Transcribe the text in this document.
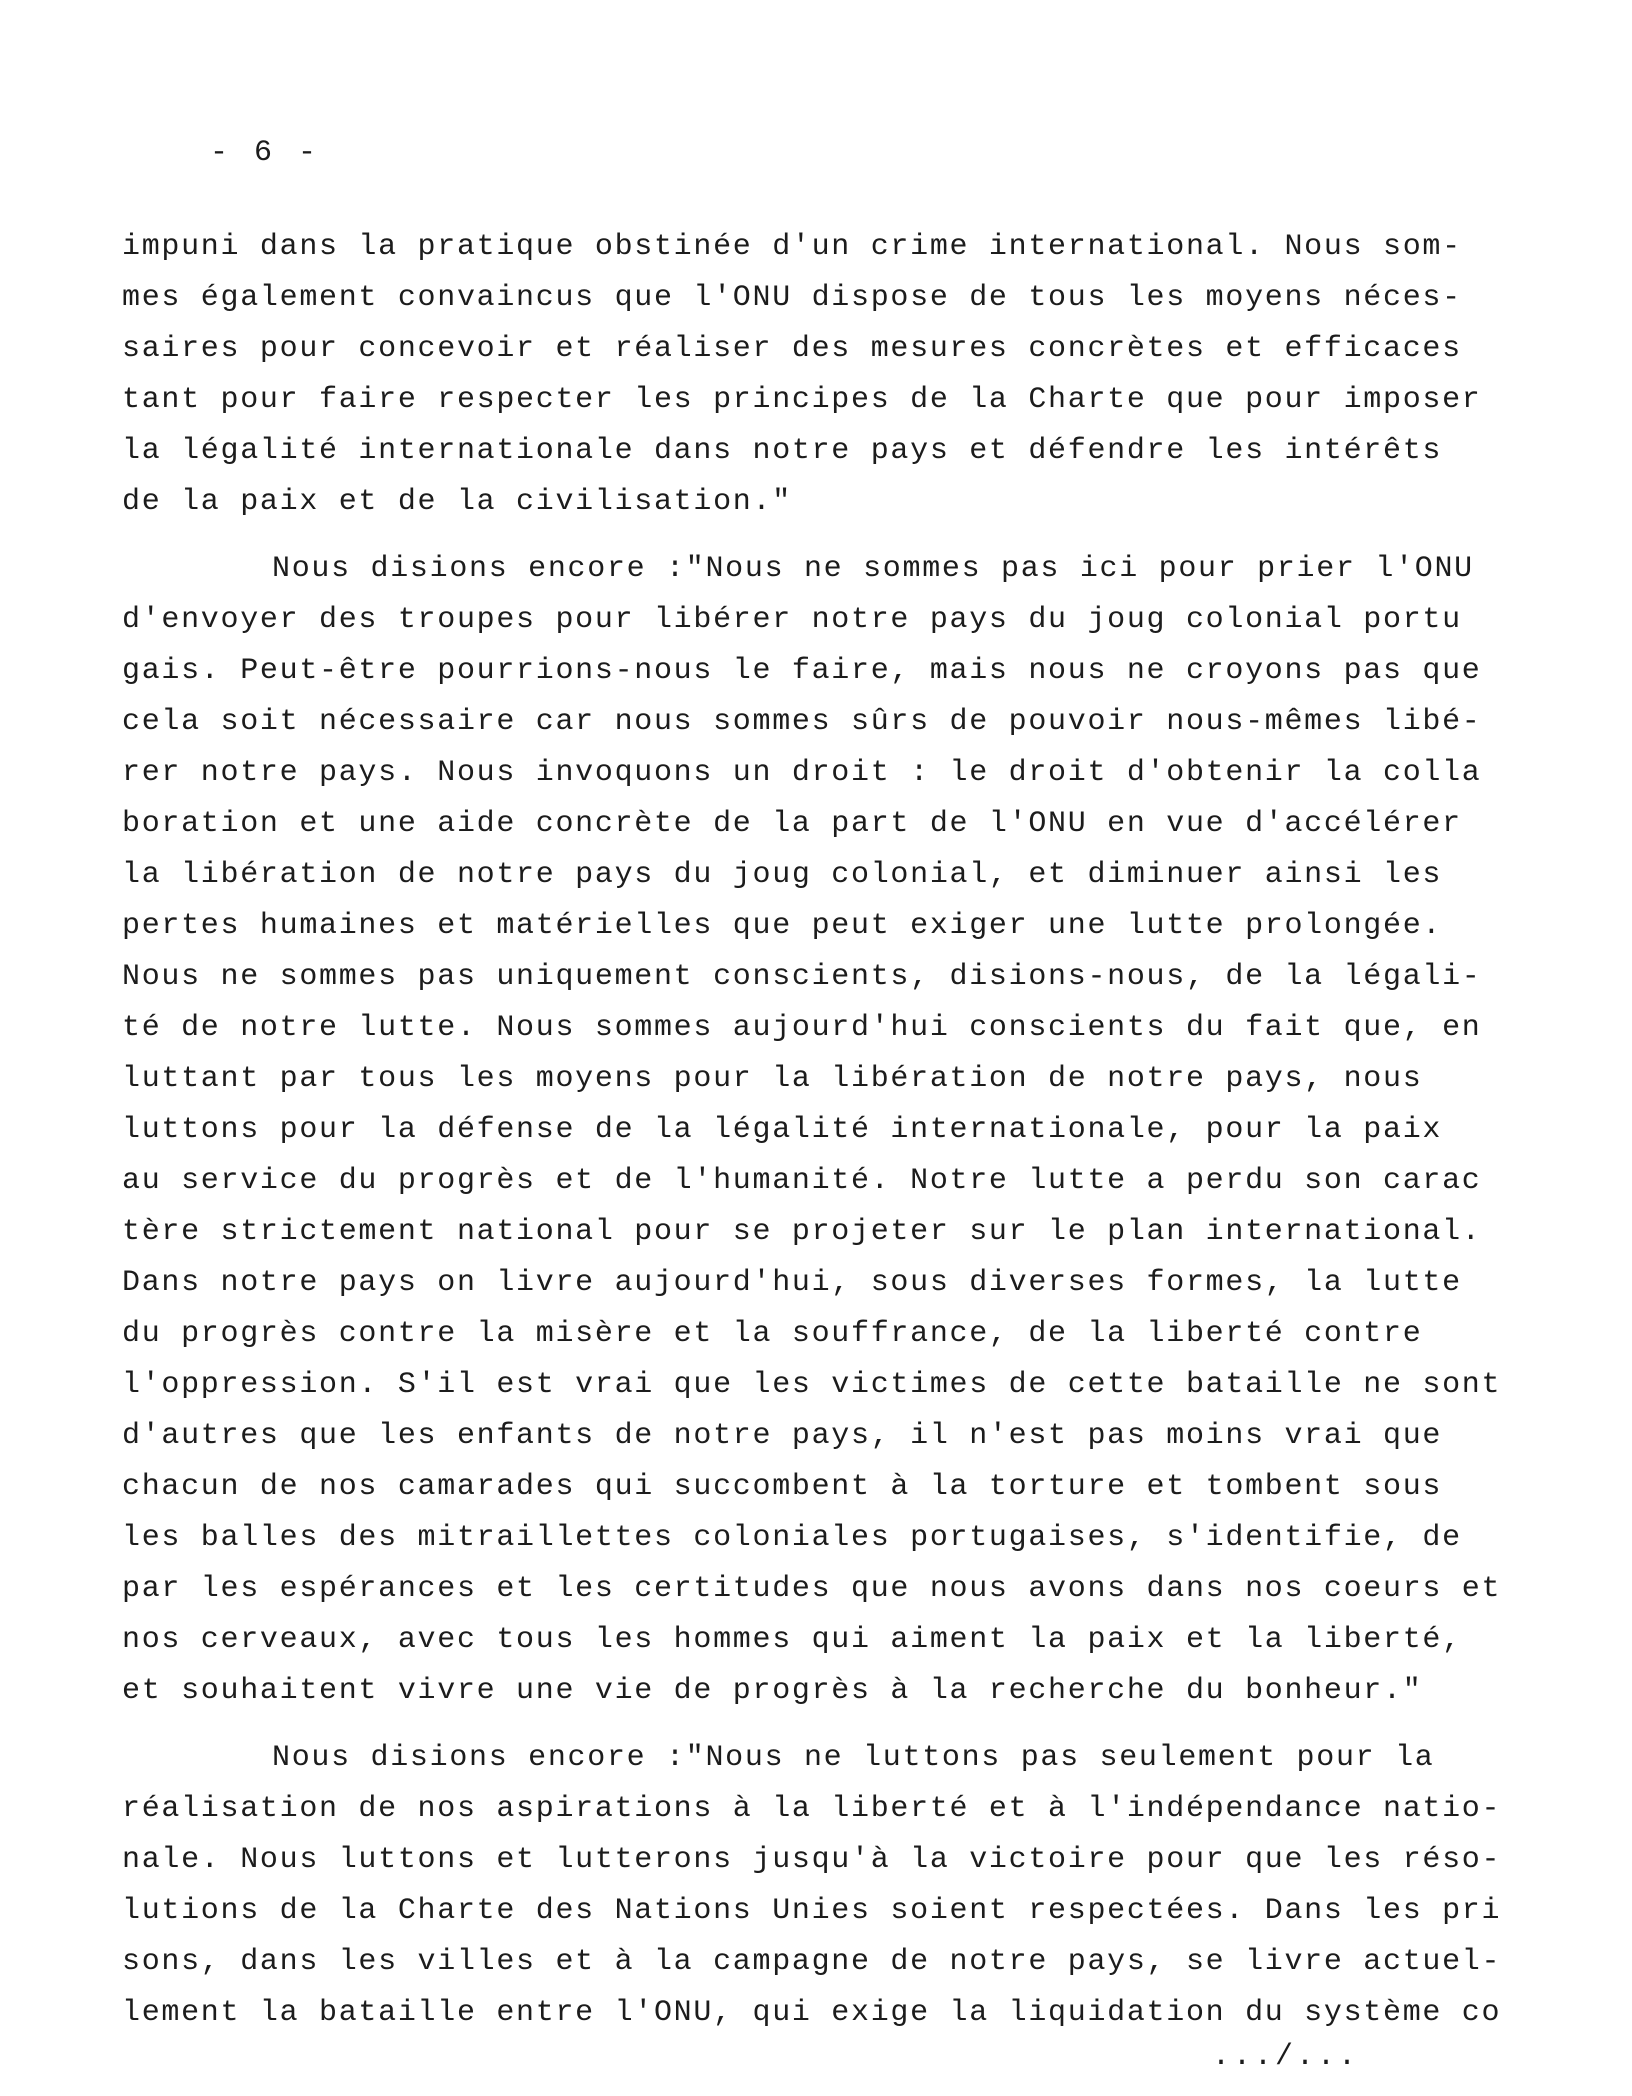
- 6 -

impuni dans la pratique obstinée d'un crime international. Nous som-
mes également convaincus que l'ONU dispose de tous les moyens néces-
saires pour concevoir et réaliser des mesures concrètes et efficaces
tant pour faire respecter les principes de la Charte que pour imposer
la légalité internationale dans notre pays et défendre les intérêts
de la paix et de la civilisation."

Nous disions encore :"Nous ne sommes pas ici pour prier l'ONU
d'envoyer des troupes pour libérer notre pays du joug colonial portu
gais. Peut-être pourrions-nous le faire, mais nous ne croyons pas que
cela soit nécessaire car nous sommes sûrs de pouvoir nous-mêmes libé-
rer notre pays. Nous invoquons un droit : le droit d'obtenir la colla
boration et une aide concrète de la part de l'ONU en vue d'accélérer
la libération de notre pays du joug colonial, et diminuer ainsi les
pertes humaines et matérielles que peut exiger une lutte prolongée.
Nous ne sommes pas uniquement conscients, disions-nous, de la légali-
té de notre lutte. Nous sommes aujourd'hui conscients du fait que, en
luttant par tous les moyens pour la libération de notre pays, nous
luttons pour la défense de la légalité internationale, pour la paix
au service du progrès et de l'humanité. Notre lutte a perdu son carac
tère strictement national pour se projeter sur le plan international.
Dans notre pays on livre aujourd'hui, sous diverses formes, la lutte
du progrès contre la misère et la souffrance, de la liberté contre
l'oppression. S'il est vrai que les victimes de cette bataille ne sont
d'autres que les enfants de notre pays, il n'est pas moins vrai que
chacun de nos camarades qui succombent à la torture et tombent sous
les balles des mitraillettes coloniales portugaises, s'identifie, de
par les espérances et les certitudes que nous avons dans nos coeurs et
nos cerveaux, avec tous les hommes qui aiment la paix et la liberté,
et souhaitent vivre une vie de progrès à la recherche du bonheur."

Nous disions encore :"Nous ne luttons pas seulement pour la
réalisation de nos aspirations à la liberté et à l'indépendance natio-
nale. Nous luttons et lutterons jusqu'à la victoire pour que les réso-
lutions de la Charte des Nations Unies soient respectées. Dans les pri
sons, dans les villes et à la campagne de notre pays, se livre actuel-
lement la bataille entre l'ONU, qui exige la liquidation du système co

.../...
